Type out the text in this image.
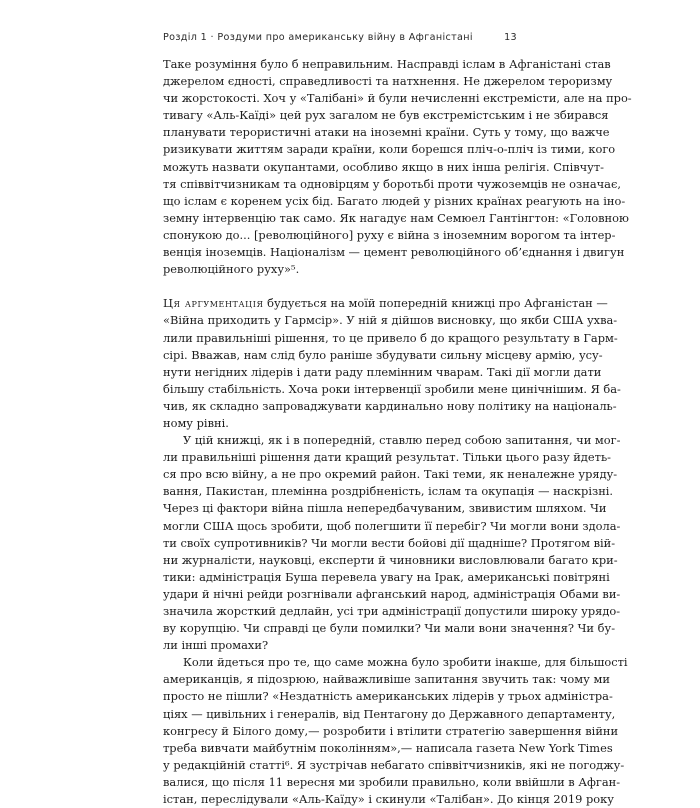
Розділ 1 · Роздуми про американську війну в Афганістані	13
Таке розуміння було б неправильним. Насправді іслам в Афганістані став
джерелом єдності, справедливості та натхнення. Не джерелом тероризму
чи жорстокості. Хоч у «Талібані» й були нечисленні екстремісти, але на про-
тивагу «Аль-Каїді» цей рух загалом не був екстремістським і не збирався
планувати терористичні атаки на іноземні країни. Суть у тому, що важче
ризикувати життям заради країни, коли борешся пліч-о-пліч із тими, кого
можуть назвати окупантами, особливо якщо в них інша релігія. Співчут-
тя співвітчизникам та одновірцям у боротьбі проти чужоземців не означає,
що іслам є коренем усіх бід. Багато людей у різних країнах реагують на іно-
земну інтервенцію так само. Як нагадує нам Семюел Гантінгтон: «Головною
спонукою до... [революційного] руху є війна з іноземним ворогом та інтер-
венція іноземців. Націоналізм — цемент революційного об’єднання і двигун
революційного руху»⁵.
Ця аргументація будується на моїй попередній книжці про Афганістан —
«Війна приходить у Гармсір». У ній я дійшов висновку, що якби США ухва-
лили правильніші рішення, то це привело б до кращого результату в Гарм-
сірі. Вважав, нам слід було раніше збудувати сильну місцеву армію, усу-
нути негідних лідерів і дати раду племінним чварам. Такі дії могли дати
більшу стабільність. Хоча роки інтервенції зробили мене цинічнішим. Я ба-
чив, як складно запроваджувати кардинально нову політику на національ-
ному рівні.
У цій книжці, як і в попередній, ставлю перед собою запитання, чи мог-
ли правильніші рішення дати кращий результат. Тільки цього разу йдеть-
ся про всю війну, а не про окремий район. Такі теми, як неналежне уряду-
вання, Пакистан, племінна роздрібненість, іслам та окупація — наскрізні.
Через ці фактори війна пішла непередбачуваним, звивистим шляхом. Чи
могли США щось зробити, щоб полегшити її перебіг? Чи могли вони здола-
ти своїх супротивників? Чи могли вести бойові дії щадніше? Протягом вій-
ни журналісти, науковці, експерти й чиновники висловлювали багато кри-
тики: адміністрація Буша перевела увагу на Ірак, американські повітряні
удари й нічні рейди розгнівали афганський народ, адміністрація Обами ви-
значила жорсткий дедлайн, усі три адміністрації допустили широку урядо-
ву корупцію. Чи справді це були помилки? Чи мали вони значення? Чи бу-
ли інші промахи?
Коли йдеться про те, що саме можна було зробити інакше, для більшості
американців, я підозрюю, найважливіше запитання звучить так: чому ми
просто не пішли? «Нездатність американських лідерів у трьох адміністра-
ціях — цивільних і генералів, від Пентагону до Державного департаменту,
конгресу й Білого дому,— розробити і втілити стратегію завершення війни
треба вивчати майбутнім поколінням»,— написала газета New York Times
у редакційній статті⁶. Я зустрічав небагато співвітчизників, які не погоджу-
валися, що після 11 вересня ми зробили правильно, коли ввійшли в Афган-
істан, переслідували «Аль-Каїду» і скинули «Талібан». До кінця 2019 року
